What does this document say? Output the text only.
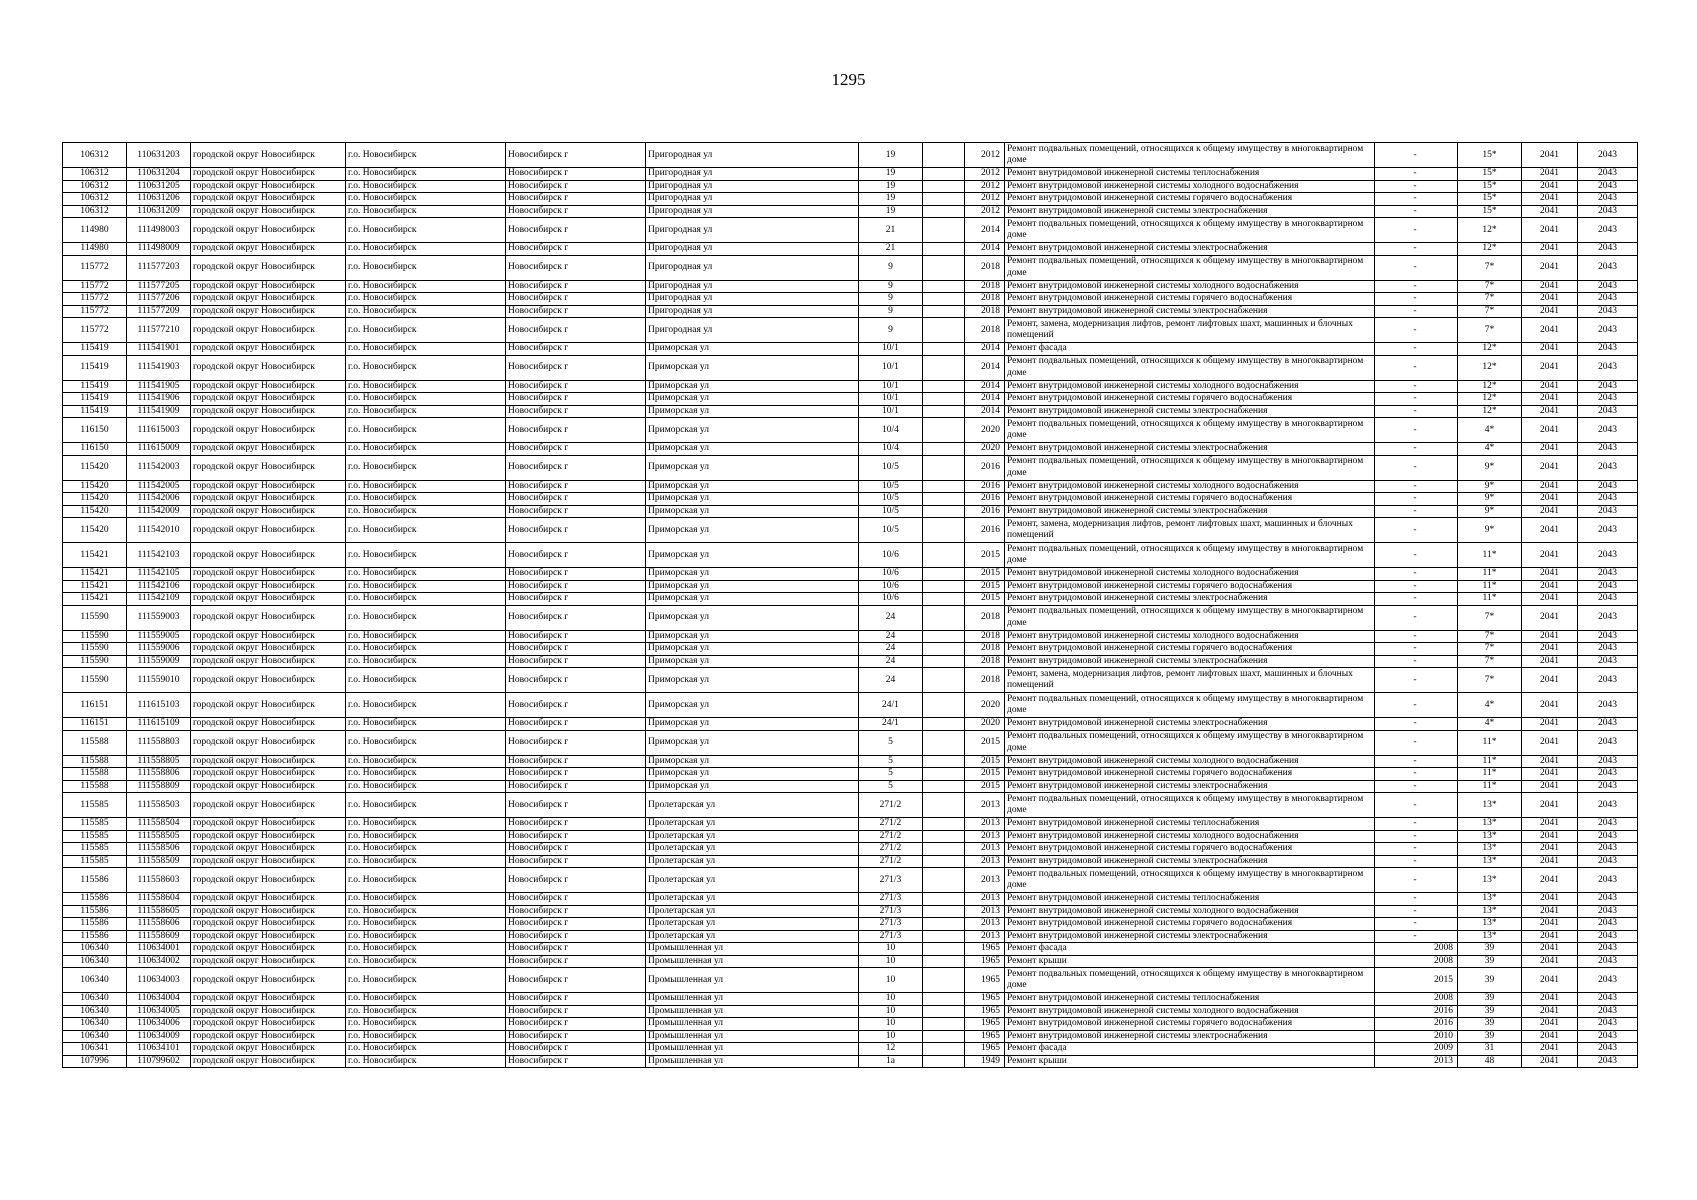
1295
106312	110631203	городской округ Новосибирск	г.о. Новосибирск	Новосибирск г	Пригородная ул	19		2012	Ремонт подвальных помещений, относящихся к общему имуществу в многоквартирном доме	-	15*	2041	2043
106312	110631204	городской округ Новосибирск	г.о. Новосибирск	Новосибирск г	Пригородная ул	19		2012	Ремонт внутридомовой инженерной системы теплоснабжения	-	15*	2041	2043
106312	110631205	городской округ Новосибирск	г.о. Новосибирск	Новосибирск г	Пригородная ул	19		2012	Ремонт внутридомовой инженерной системы холодного водоснабжения	-	15*	2041	2043
106312	110631206	городской округ Новосибирск	г.о. Новосибирск	Новосибирск г	Пригородная ул	19		2012	Ремонт внутридомовой инженерной системы горячего водоснабжения	-	15*	2041	2043
106312	110631209	городской округ Новосибирск	г.о. Новосибирск	Новосибирск г	Пригородная ул	19		2012	Ремонт внутридомовой инженерной системы электроснабжения	-	15*	2041	2043
114980	111498003	городской округ Новосибирск	г.о. Новосибирск	Новосибирск г	Пригородная ул	21		2014	Ремонт подвальных помещений, относящихся к общему имуществу в многоквартирном доме	-	12*	2041	2043
114980	111498009	городской округ Новосибирск	г.о. Новосибирск	Новосибирск г	Пригородная ул	21		2014	Ремонт внутридомовой инженерной системы электроснабжения	-	12*	2041	2043
115772	111577203	городской округ Новосибирск	г.о. Новосибирск	Новосибирск г	Пригородная ул	9		2018	Ремонт подвальных помещений, относящихся к общему имуществу в многоквартирном доме	-	7*	2041	2043
115772	111577205	городской округ Новосибирск	г.о. Новосибирск	Новосибирск г	Пригородная ул	9		2018	Ремонт внутридомовой инженерной системы холодного водоснабжения	-	7*	2041	2043
115772	111577206	городской округ Новосибирск	г.о. Новосибирск	Новосибирск г	Пригородная ул	9		2018	Ремонт внутридомовой инженерной системы горячего водоснабжения	-	7*	2041	2043
115772	111577209	городской округ Новосибирск	г.о. Новосибирск	Новосибирск г	Пригородная ул	9		2018	Ремонт внутридомовой инженерной системы электроснабжения	-	7*	2041	2043
115772	111577210	городской округ Новосибирск	г.о. Новосибирск	Новосибирск г	Пригородная ул	9		2018	Ремонт, замена, модернизация лифтов, ремонт лифтовых шахт, машинных и блочных помещений	-	7*	2041	2043
115419	111541901	городской округ Новосибирск	г.о. Новосибирск	Новосибирск г	Приморская ул	10/1		2014	Ремонт фасада	-	12*	2041	2043
115419	111541903	городской округ Новосибирск	г.о. Новосибирск	Новосибирск г	Приморская ул	10/1		2014	Ремонт подвальных помещений, относящихся к общему имуществу в многоквартирном доме	-	12*	2041	2043
115419	111541905	городской округ Новосибирск	г.о. Новосибирск	Новосибирск г	Приморская ул	10/1		2014	Ремонт внутридомовой инженерной системы холодного водоснабжения	-	12*	2041	2043
115419	111541906	городской округ Новосибирск	г.о. Новосибирск	Новосибирск г	Приморская ул	10/1		2014	Ремонт внутридомовой инженерной системы горячего водоснабжения	-	12*	2041	2043
115419	111541909	городской округ Новосибирск	г.о. Новосибирск	Новосибирск г	Приморская ул	10/1		2014	Ремонт внутридомовой инженерной системы электроснабжения	-	12*	2041	2043
116150	111615003	городской округ Новосибирск	г.о. Новосибирск	Новосибирск г	Приморская ул	10/4		2020	Ремонт подвальных помещений, относящихся к общему имуществу в многоквартирном доме	-	4*	2041	2043
116150	111615009	городской округ Новосибирск	г.о. Новосибирск	Новосибирск г	Приморская ул	10/4		2020	Ремонт внутридомовой инженерной системы электроснабжения	-	4*	2041	2043
115420	111542003	городской округ Новосибирск	г.о. Новосибирск	Новосибирск г	Приморская ул	10/5		2016	Ремонт подвальных помещений, относящихся к общему имуществу в многоквартирном доме	-	9*	2041	2043
115420	111542005	городской округ Новосибирск	г.о. Новосибирск	Новосибирск г	Приморская ул	10/5		2016	Ремонт внутридомовой инженерной системы холодного водоснабжения	-	9*	2041	2043
115420	111542006	городской округ Новосибирск	г.о. Новосибирск	Новосибирск г	Приморская ул	10/5		2016	Ремонт внутридомовой инженерной системы горячего водоснабжения	-	9*	2041	2043
115420	111542009	городской округ Новосибирск	г.о. Новосибирск	Новосибирск г	Приморская ул	10/5		2016	Ремонт внутридомовой инженерной системы электроснабжения	-	9*	2041	2043
115420	111542010	городской округ Новосибирск	г.о. Новосибирск	Новосибирск г	Приморская ул	10/5		2016	Ремонт, замена, модернизация лифтов, ремонт лифтовых шахт, машинных и блочных помещений	-	9*	2041	2043
115421	111542103	городской округ Новосибирск	г.о. Новосибирск	Новосибирск г	Приморская ул	10/6		2015	Ремонт подвальных помещений, относящихся к общему имуществу в многоквартирном доме	-	11*	2041	2043
115421	111542105	городской округ Новосибирск	г.о. Новосибирск	Новосибирск г	Приморская ул	10/6		2015	Ремонт внутридомовой инженерной системы холодного водоснабжения	-	11*	2041	2043
115421	111542106	городской округ Новосибирск	г.о. Новосибирск	Новосибирск г	Приморская ул	10/6		2015	Ремонт внутридомовой инженерной системы горячего водоснабжения	-	11*	2041	2043
115421	111542109	городской округ Новосибирск	г.о. Новосибирск	Новосибирск г	Приморская ул	10/6		2015	Ремонт внутридомовой инженерной системы электроснабжения	-	11*	2041	2043
115590	111559003	городской округ Новосибирск	г.о. Новосибирск	Новосибирск г	Приморская ул	24		2018	Ремонт подвальных помещений, относящихся к общему имуществу в многоквартирном доме	-	7*	2041	2043
115590	111559005	городской округ Новосибирск	г.о. Новосибирск	Новосибирск г	Приморская ул	24		2018	Ремонт внутридомовой инженерной системы холодного водоснабжения	-	7*	2041	2043
115590	111559006	городской округ Новосибирск	г.о. Новосибирск	Новосибирск г	Приморская ул	24		2018	Ремонт внутридомовой инженерной системы горячего водоснабжения	-	7*	2041	2043
115590	111559009	городской округ Новосибирск	г.о. Новосибирск	Новосибирск г	Приморская ул	24		2018	Ремонт внутридомовой инженерной системы электроснабжения	-	7*	2041	2043
115590	111559010	городской округ Новосибирск	г.о. Новосибирск	Новосибирск г	Приморская ул	24		2018	Ремонт, замена, модернизация лифтов, ремонт лифтовых шахт, машинных и блочных помещений	-	7*	2041	2043
116151	111615103	городской округ Новосибирск	г.о. Новосибирск	Новосибирск г	Приморская ул	24/1		2020	Ремонт подвальных помещений, относящихся к общему имуществу в многоквартирном доме	-	4*	2041	2043
116151	111615109	городской округ Новосибирск	г.о. Новосибирск	Новосибирск г	Приморская ул	24/1		2020	Ремонт внутридомовой инженерной системы электроснабжения	-	4*	2041	2043
115588	111558803	городской округ Новосибирск	г.о. Новосибирск	Новосибирск г	Приморская ул	5		2015	Ремонт подвальных помещений, относящихся к общему имуществу в многоквартирном доме	-	11*	2041	2043
115588	111558805	городской округ Новосибирск	г.о. Новосибирск	Новосибирск г	Приморская ул	5		2015	Ремонт внутридомовой инженерной системы холодного водоснабжения	-	11*	2041	2043
115588	111558806	городской округ Новосибирск	г.о. Новосибирск	Новосибирск г	Приморская ул	5		2015	Ремонт внутридомовой инженерной системы горячего водоснабжения	-	11*	2041	2043
115588	111558809	городской округ Новосибирск	г.о. Новосибирск	Новосибирск г	Приморская ул	5		2015	Ремонт внутридомовой инженерной системы электроснабжения	-	11*	2041	2043
115585	111558503	городской округ Новосибирск	г.о. Новосибирск	Новосибирск г	Пролетарская ул	271/2		2013	Ремонт подвальных помещений, относящихся к общему имуществу в многоквартирном доме	-	13*	2041	2043
115585	111558504	городской округ Новосибирск	г.о. Новосибирск	Новосибирск г	Пролетарская ул	271/2		2013	Ремонт внутридомовой инженерной системы теплоснабжения	-	13*	2041	2043
115585	111558505	городской округ Новосибирск	г.о. Новосибирск	Новосибирск г	Пролетарская ул	271/2		2013	Ремонт внутридомовой инженерной системы холодного водоснабжения	-	13*	2041	2043
115585	111558506	городской округ Новосибирск	г.о. Новосибирск	Новосибирск г	Пролетарская ул	271/2		2013	Ремонт внутридомовой инженерной системы горячего водоснабжения	-	13*	2041	2043
115585	111558509	городской округ Новосибирск	г.о. Новосибирск	Новосибирск г	Пролетарская ул	271/2		2013	Ремонт внутридомовой инженерной системы электроснабжения	-	13*	2041	2043
115586	111558603	городской округ Новосибирск	г.о. Новосибирск	Новосибирск г	Пролетарская ул	271/3		2013	Ремонт подвальных помещений, относящихся к общему имуществу в многоквартирном доме	-	13*	2041	2043
115586	111558604	городской округ Новосибирск	г.о. Новосибирск	Новосибирск г	Пролетарская ул	271/3		2013	Ремонт внутридомовой инженерной системы теплоснабжения	-	13*	2041	2043
115586	111558605	городской округ Новосибирск	г.о. Новосибирск	Новосибирск г	Пролетарская ул	271/3		2013	Ремонт внутридомовой инженерной системы холодного водоснабжения	-	13*	2041	2043
115586	111558606	городской округ Новосибирск	г.о. Новосибирск	Новосибирск г	Пролетарская ул	271/3		2013	Ремонт внутридомовой инженерной системы горячего водоснабжения	-	13*	2041	2043
115586	111558609	городской округ Новосибирск	г.о. Новосибирск	Новосибирск г	Пролетарская ул	271/3		2013	Ремонт внутридомовой инженерной системы электроснабжения	-	13*	2041	2043
106340	110634001	городской округ Новосибирск	г.о. Новосибирск	Новосибирск г	Промышленная ул	10		1965	Ремонт фасада	2008	39	2041	2043
106340	110634002	городской округ Новосибирск	г.о. Новосибирск	Новосибирск г	Промышленная ул	10		1965	Ремонт крыши	2008	39	2041	2043
106340	110634003	городской округ Новосибирск	г.о. Новосибирск	Новосибирск г	Промышленная ул	10		1965	Ремонт подвальных помещений, относящихся к общему имуществу в многоквартирном доме	2015	39	2041	2043
106340	110634004	городской округ Новосибирск	г.о. Новосибирск	Новосибирск г	Промышленная ул	10		1965	Ремонт внутридомовой инженерной системы теплоснабжения	2008	39	2041	2043
106340	110634005	городской округ Новосибирск	г.о. Новосибирск	Новосибирск г	Промышленная ул	10		1965	Ремонт внутридомовой инженерной системы холодного водоснабжения	2016	39	2041	2043
106340	110634006	городской округ Новосибирск	г.о. Новосибирск	Новосибирск г	Промышленная ул	10		1965	Ремонт внутридомовой инженерной системы горячего водоснабжения	2016	39	2041	2043
106340	110634009	городской округ Новосибирск	г.о. Новосибирск	Новосибирск г	Промышленная ул	10		1965	Ремонт внутридомовой инженерной системы электроснабжения	2010	39	2041	2043
106341	110634101	городской округ Новосибирск	г.о. Новосибирск	Новосибирск г	Промышленная ул	12		1965	Ремонт фасада	2009	31	2041	2043
107996	110799602	городской округ Новосибирск	г.о. Новосибирск	Новосибирск г	Промышленная ул	1а		1949	Ремонт крыши	2013	48	2041	2043
